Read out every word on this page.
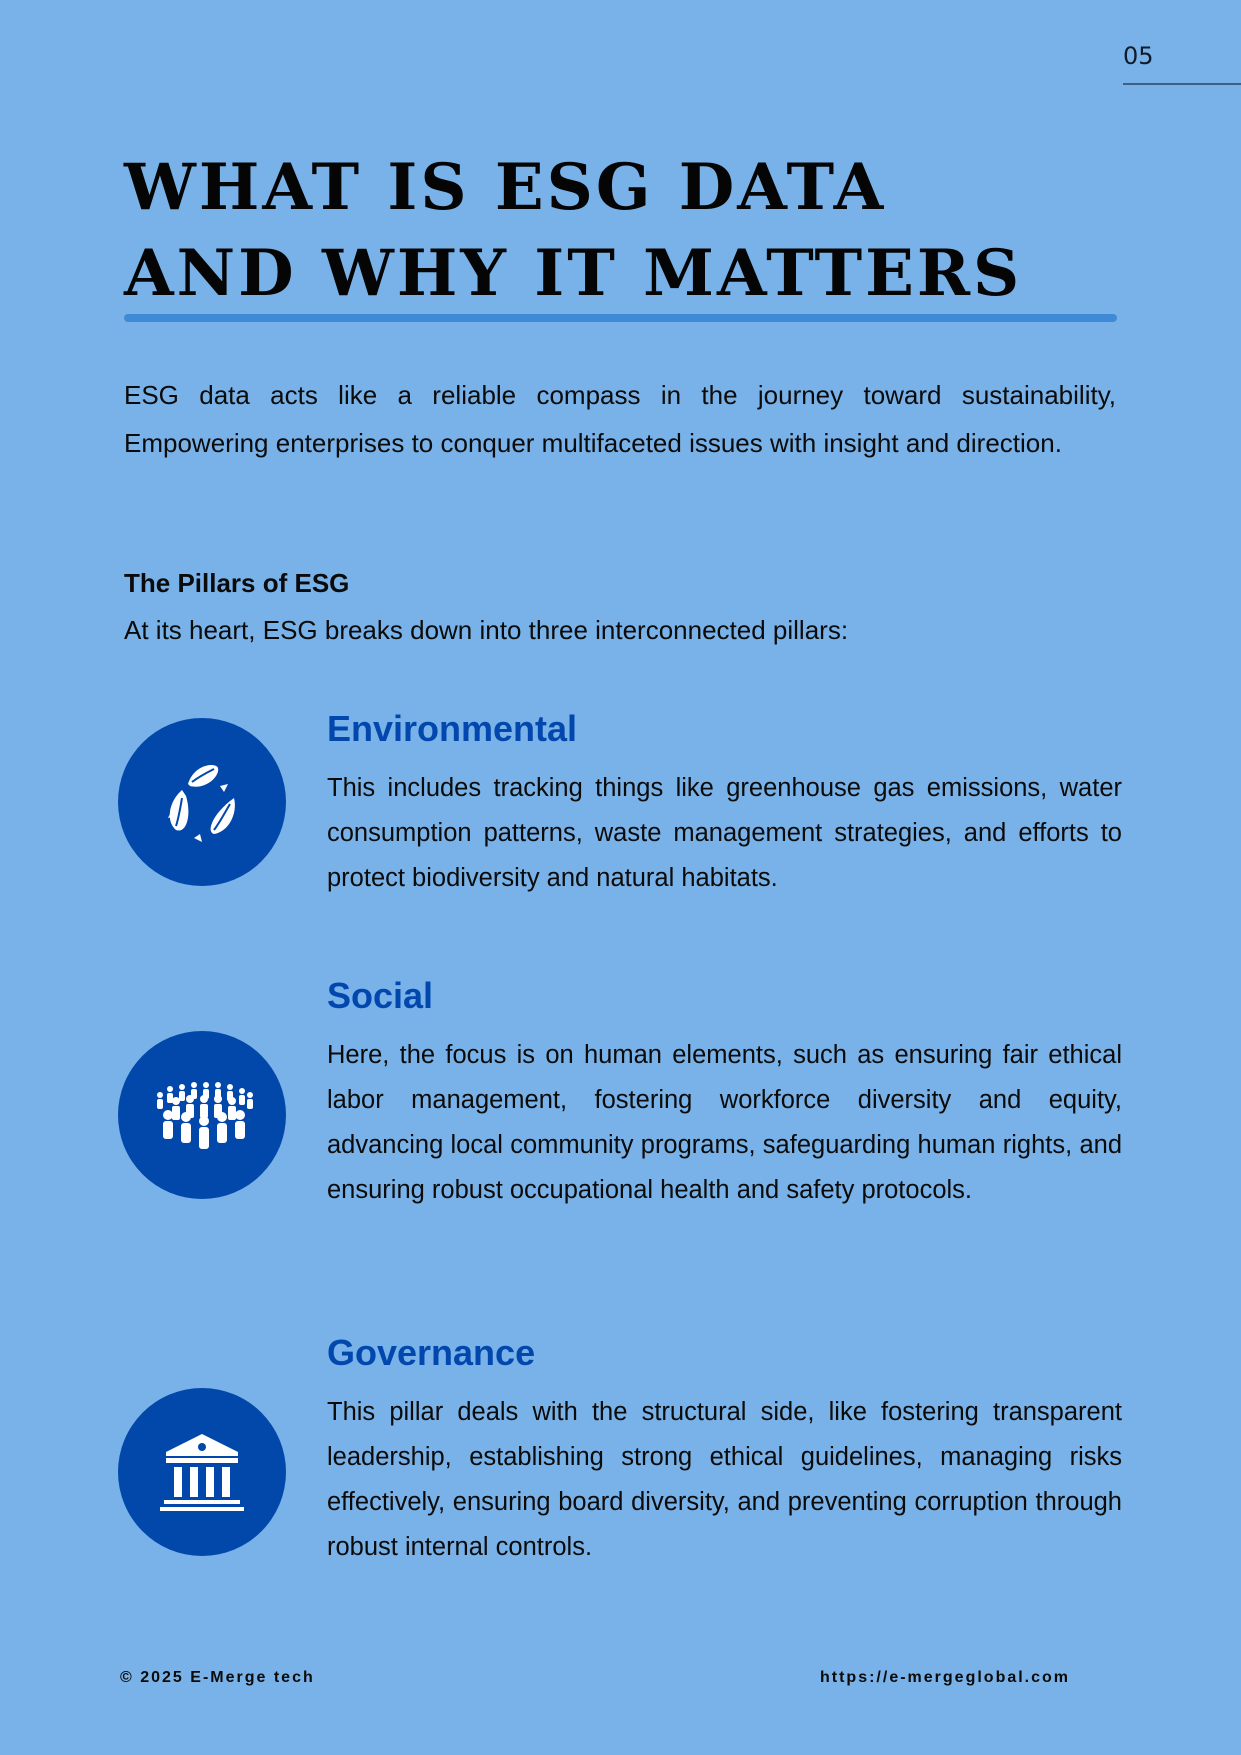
05
WHAT IS ESG DATA
AND WHY IT MATTERS

ESG data acts like a reliable compass in the journey toward sustainability, Empowering enterprises to conquer multifaceted issues with insight and direction.

The Pillars of ESG

At its heart, ESG breaks down into three interconnected pillars:

Environmental

This includes tracking things like greenhouse gas emissions, water consumption patterns, waste management strategies, and efforts to protect biodiversity and natural habitats.

Social

Here, the focus is on human elements, such as ensuring fair ethical labor management, fostering workforce diversity and equity, advancing local community programs, safeguarding human rights, and ensuring robust occupational health and safety protocols.

Governance

This pillar deals with the structural side, like fostering transparent leadership, establishing strong ethical guidelines, managing risks effectively, ensuring board diversity, and preventing corruption through robust internal controls.

© 2025 E-Merge tech	https://e-mergeglobal.com
